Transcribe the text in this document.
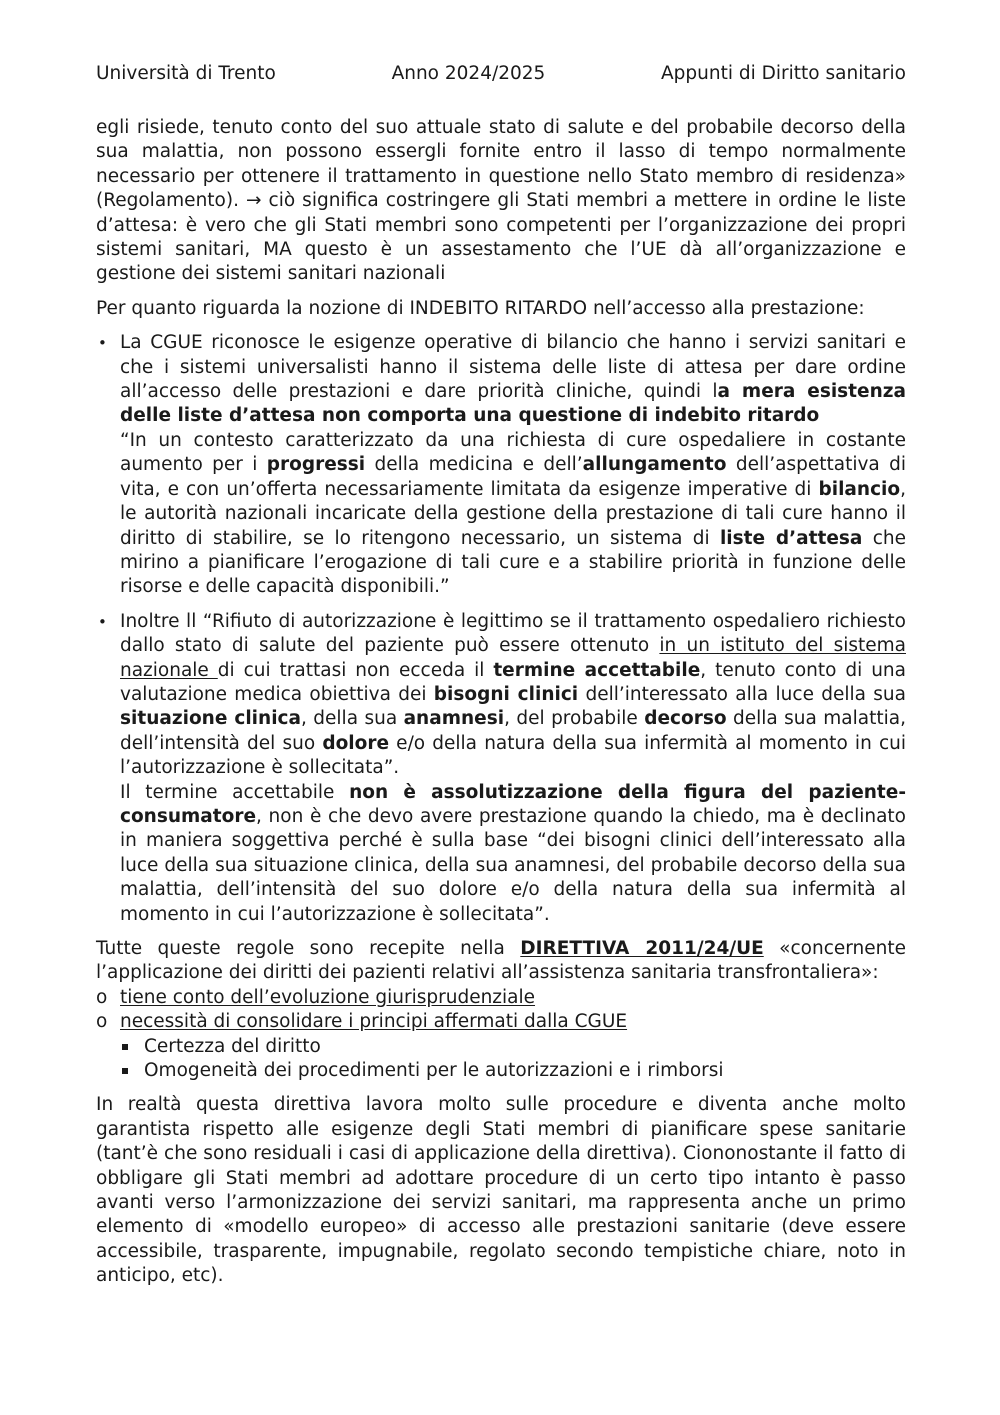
Università di Trento	Anno 2024/2025	Appunti di Diritto sanitario

egli risiede, tenuto conto del suo attuale stato di salute e del probabile decorso della sua malattia, non possono essergli fornite entro il lasso di tempo normalmente necessario per ottenere il trattamento in questione nello Stato membro di residenza» (Regolamento). → ciò significa costringere gli Stati membri a mettere in ordine le liste d’attesa: è vero che gli Stati membri sono competenti per l’organizzazione dei propri sistemi sanitari, MA questo è un assestamento che l’UE dà all’organizzazione e gestione dei sistemi sanitari nazionali

Per quanto riguarda la nozione di INDEBITO RITARDO nell’accesso alla prestazione:

• La CGUE riconosce le esigenze operative di bilancio che hanno i servizi sanitari e che i sistemi universalisti hanno il sistema delle liste di attesa per dare ordine all’accesso delle prestazioni e dare priorità cliniche, quindi la mera esistenza delle liste d’attesa non comporta una questione di indebito ritardo

“In un contesto caratterizzato da una richiesta di cure ospedaliere in costante aumento per i progressi della medicina e dell’allungamento dell’aspettativa di vita, e con un’offerta necessariamente limitata da esigenze imperative di bilancio, le autorità nazionali incaricate della gestione della prestazione di tali cure hanno il diritto di stabilire, se lo ritengono necessario, un sistema di liste d’attesa che mirino a pianificare l’erogazione di tali cure e a stabilire priorità in funzione delle risorse e delle capacità disponibili.”

• Inoltre ll “Rifiuto di autorizzazione è legittimo se il trattamento ospedaliero richiesto dallo stato di salute del paziente può essere ottenuto in un istituto del sistema nazionale di cui trattasi non ecceda il termine accettabile, tenuto conto di una valutazione medica obiettiva dei bisogni clinici dell’interessato alla luce della sua situazione clinica, della sua anamnesi, del probabile decorso della sua malattia, dell’intensità del suo dolore e/o della natura della sua infermità al momento in cui l’autorizzazione è sollecitata”.

Il termine accettabile non è assolutizzazione della figura del paziente-consumatore, non è che devo avere prestazione quando la chiedo, ma è declinato in maniera soggettiva perché è sulla base “dei bisogni clinici dell’interessato alla luce della sua situazione clinica, della sua anamnesi, del probabile decorso della sua malattia, dell’intensità del suo dolore e/o della natura della sua infermità al momento in cui l’autorizzazione è sollecitata”.

Tutte queste regole sono recepite nella DIRETTIVA 2011/24/UE «concernente l’applicazione dei diritti dei pazienti relativi all’assistenza sanitaria transfrontaliera»:

o tiene conto dell’evoluzione giurisprudenziale
o necessità di consolidare i principi affermati dalla CGUE
Certezza del diritto
Omogeneità dei procedimenti per le autorizzazioni e i rimborsi

In realtà questa direttiva lavora molto sulle procedure e diventa anche molto garantista rispetto alle esigenze degli Stati membri di pianificare spese sanitarie (tant’è che sono residuali i casi di applicazione della direttiva). Ciononostante il fatto di obbligare gli Stati membri ad adottare procedure di un certo tipo intanto è passo avanti verso l’armonizzazione dei servizi sanitari, ma rappresenta anche un primo elemento di «modello europeo» di accesso alle prestazioni sanitarie (deve essere accessibile, trasparente, impugnabile, regolato secondo tempistiche chiare, noto in anticipo, etc).
